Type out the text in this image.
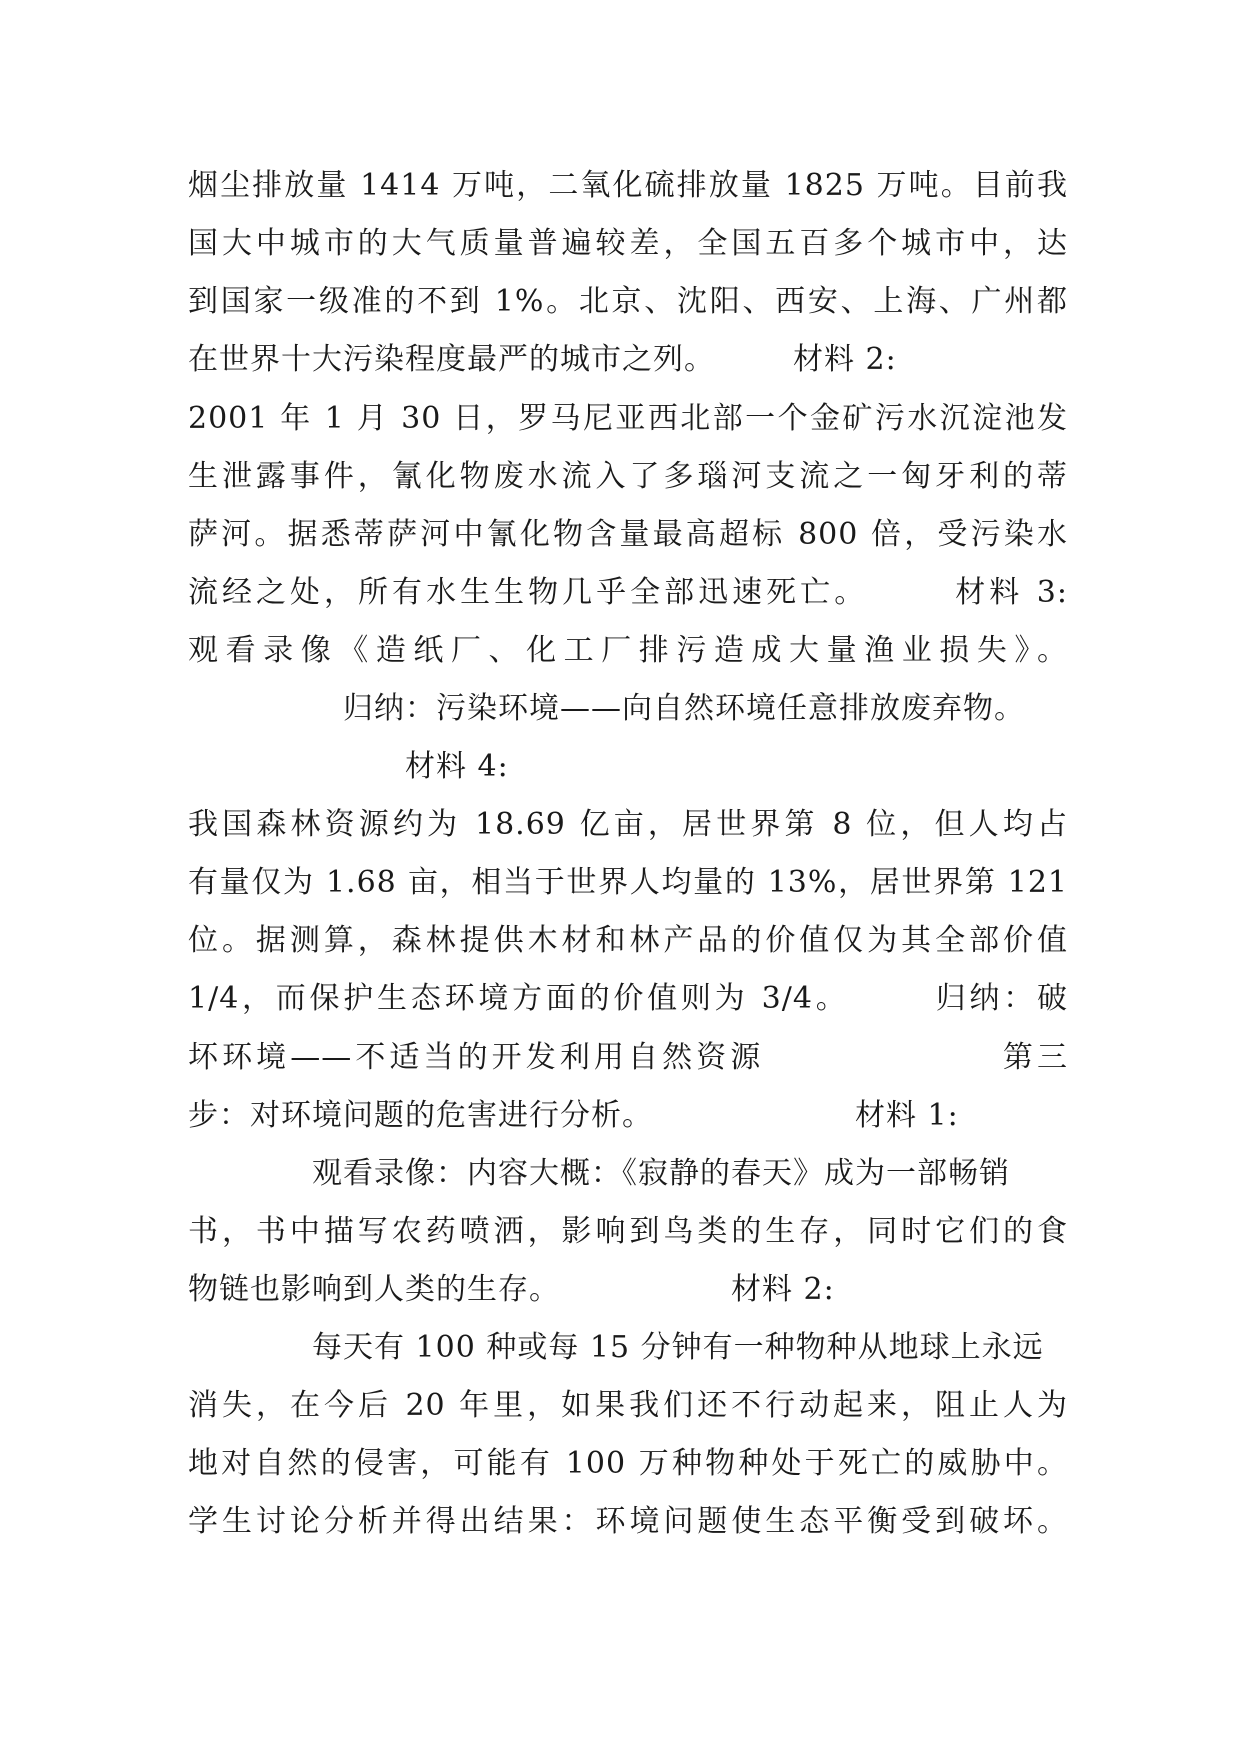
烟尘排放量 1414 万吨，二氧化硫排放量 1825 万吨。目前我
国大中城市的大气质量普遍较差，全国五百多个城市中，达
到国家一级准的不到 1%。北京、沈阳、西安、上海、广州都
在世界十大污染程度最严的城市之列。　　　材料 2:
2001 年 1 月 30 日，罗马尼亚西北部一个金矿污水沉淀池发
生泄露事件，氰化物废水流入了多瑙河支流之一匈牙利的蒂
萨河。据悉蒂萨河中氰化物含量最高超标 800 倍，受污染水
流经之处，所有水生生物几乎全部迅速死亡。　　　材料 3:
观看录像《造纸厂、化工厂排污造成大量渔业损失》。
　　　　　归纳：污染环境——向自然环境任意排放废弃物。
　　　　　　　材料 4:
我国森林资源约为 18.69 亿亩，居世界第 8 位，但人均占
有量仅为 1.68 亩，相当于世界人均量的 13%，居世界第 121
位。据测算，森林提供木材和林产品的价值仅为其全部价值
1/4，而保护生态环境方面的价值则为 3/4。　　　归纳：破
坏环境——不适当的开发利用自然资源　　　　　　　第三
步：对环境问题的危害进行分析。　　　　　　　材料 1:
　　　　观看录像：内容大概：《寂静的春天》成为一部畅销
书，书中描写农药喷洒，影响到鸟类的生存，同时它们的食
物链也影响到人类的生存。　　　　　　材料 2:
　　　　每天有 100 种或每 15 分钟有一种物种从地球上永远
消失，在今后 20 年里，如果我们还不行动起来，阻止人为
地对自然的侵害，可能有 100 万种物种处于死亡的威胁中。
学生讨论分析并得出结果：环境问题使生态平衡受到破坏。
